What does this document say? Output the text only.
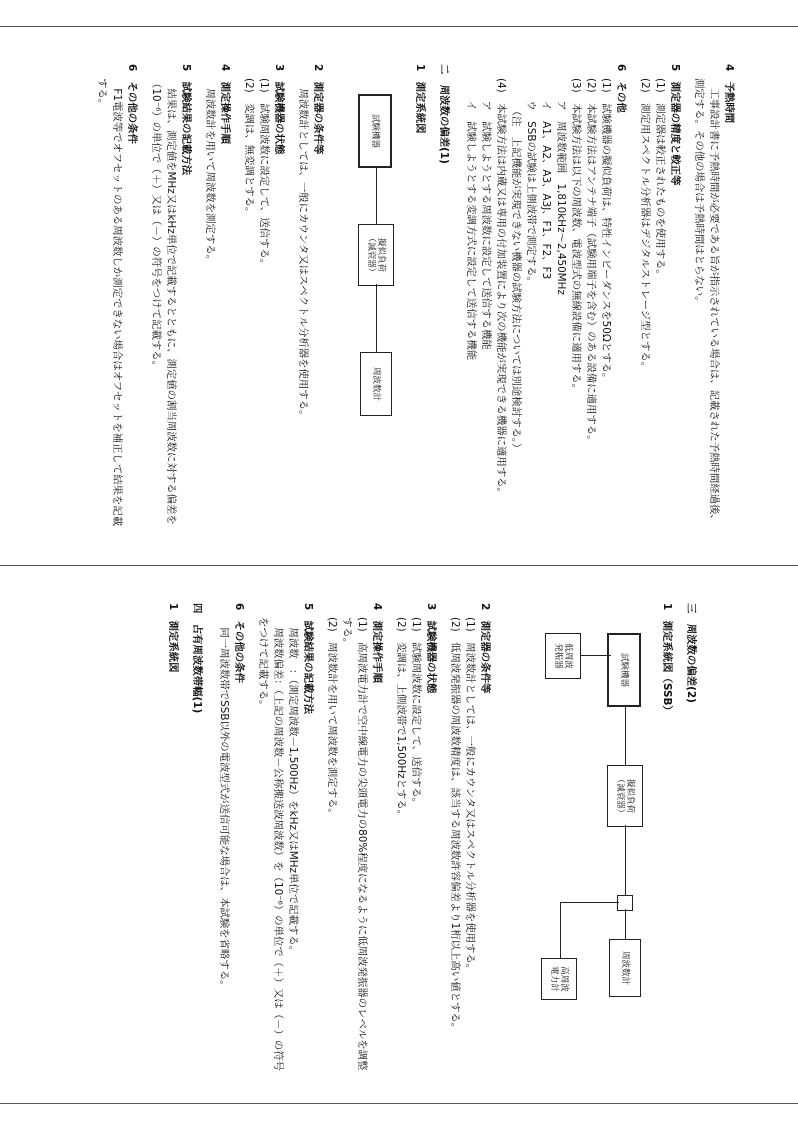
4　予熱時間

　工事設計書に予熱時間が必要である旨が指示されている場合は、記載された予熱時間経過後、測定する。その他の場合は予熱時間はとらない。

5　測定器の精度と較正等

(1)　測定器は較正されたものを使用する。

(2)　測定用スペクトル分析器はデジタルストレージ型とする。

6　その他

(1)　試験機器の擬似負荷は、特性インピーダンスを50Ωとする。

(2)　本試験方法はアンテナ端子（試験用端子を含む）のある設備に適用する。

(3)　本試験方法は以下の周波数、電波型式の無線設備に適用する。

　ア　周波数範囲　1,810kHz～2,450MHz

　イ　A1、A2、A3、A3J、F1、F2、F3

　ウ　SSBの試験は上側波帯で測定する。

　　（注　上記機能が実現できない機器の試験方法については別途検討する。）

(4)　本試験方法は内蔵又は専用の付加装置により次の機能が実現できる機器に適用する。

　ア　試験しようとする周波数に設定して送信する機能

　イ　試験しようとする変調方式に設定して送信する機能

二　周波数の偏差(1)
1　測定系統図
試験機器
擬似負荷
（減衰器）
周波数計
2　測定器の条件等

　周波数計としては、一般にカウンタ又はスペクトル分析器を使用する。

3　試験機器の状態

(1)　試験周波数に設定して、送信する。

(2)　変調は、無変調とする。

4　測定操作手順

　周波数計を用いて周波数を測定する。

5　試験結果の記載方法

　結果は、測定値をMHz又はkHz単位で記載するとともに、測定値の割当周波数に対する偏差を（10⁻⁶）の単位で（＋）又は（－）の符号をつけて記載する。

6　その他の条件

　F1電波等でオフセットのある周波数しか測定できない場合はオフセットを補正して結果を記載する。

三　周波数の偏差(2)
1　測定系統図（SSB）
試験機器
低周波
発振器
擬似負荷
（減衰器）
周波数計
高周波
電力計
2　測定器の条件等

(1)　周波数計としては、一般にカウンタ又はスペクトル分析器を使用する。

(2)　低周波発振器の周波数精度は、該当する周波数許容偏差より1桁以上高い値とする。

3　試験機器の状態

(1)　試験周波数に設定して、送信する。

(2)　変調は、上側波帯で1,500Hzとする。

4　測定操作手順

(1)　高周波電力計で空中線電力の尖頭電力の80%程度になるように低周波発振器のレベルを調整する。

(2)　周波数計を用いて周波数を測定する。

5　試験結果の記載方法

　周波数　：（測定周波数－1,500Hz）をkHz又はMHz単位で記載する。

　周波数偏差：（上記の周波数－公称搬送波周波数）を（10⁻⁶）の単位で（＋）又は（－）の符号をつけて記載する。

6　その他の条件

　同一周波数帯でSSB以外の電波型式が送信可能な場合は、本試験を省略する。

四　占有周波数帯幅(1)
1　測定系統図
